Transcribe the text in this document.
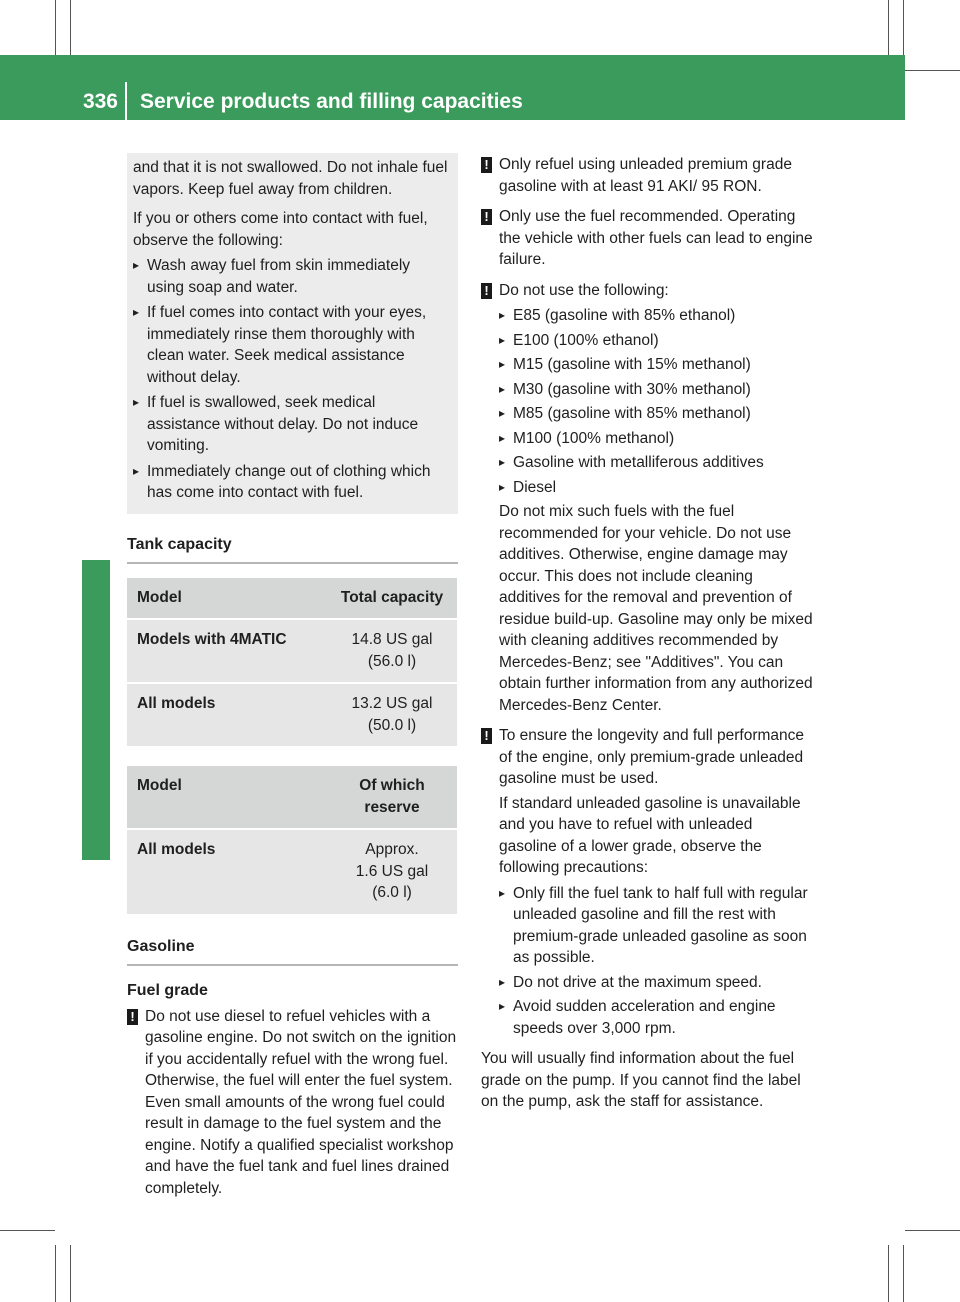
336 Service products and filling capacities
Technical data

and that it is not swallowed. Do not inhale fuel vapors. Keep fuel away from children.

If you or others come into contact with fuel, observe the following:

▸ Wash away fuel from skin immediately using soap and water.
▸ If fuel comes into contact with your eyes, immediately rinse them thoroughly with clean water. Seek medical assistance without delay.
▸ If fuel is swallowed, seek medical assistance without delay. Do not induce vomiting.
▸ Immediately change out of clothing which has come into contact with fuel.
Tank capacity
Model	Total capacity
Models with 4MATIC	14.8 US gal
(56.0 l)

All models	13.2 US gal
(50.0 l)
Model	Of which reserve
All models	Approx.
1.6 US gal
(6.0 l)
Gasoline
Fuel grade
! Do not use diesel to refuel vehicles with a gasoline engine. Do not switch on the ignition if you accidentally refuel with the wrong fuel. Otherwise, the fuel will enter the fuel system. Even small amounts of the wrong fuel could result in damage to the fuel system and the engine. Notify a qualified specialist workshop and have the fuel tank and fuel lines drained completely.
! Only refuel using unleaded premium grade gasoline with at least 91 AKI/ 95 RON.
! Only use the fuel recommended. Operating the vehicle with other fuels can lead to engine failure.
! Do not use the following:
▸ E85 (gasoline with 85% ethanol)
▸ E100 (100% ethanol)
▸ M15 (gasoline with 15% methanol)
▸ M30 (gasoline with 30% methanol)
▸ M85 (gasoline with 85% methanol)
▸ M100 (100% methanol)
▸ Gasoline with metalliferous additives
▸ Diesel

Do not mix such fuels with the fuel recommended for your vehicle. Do not use additives. Otherwise, engine damage may occur. This does not include cleaning additives for the removal and prevention of residue build-up. Gasoline may only be mixed with cleaning additives recommended by Mercedes-Benz; see "Additives". You can obtain further information from any authorized Mercedes-Benz Center.

! To ensure the longevity and full performance of the engine, only premium-grade unleaded gasoline must be used.

If standard unleaded gasoline is unavailable and you have to refuel with unleaded gasoline of a lower grade, observe the following precautions:

▸ Only fill the fuel tank to half full with regular unleaded gasoline and fill the rest with premium-grade unleaded gasoline as soon as possible.
▸ Do not drive at the maximum speed.
▸ Avoid sudden acceleration and engine speeds over 3,000 rpm.

You will usually find information about the fuel grade on the pump. If you cannot find the label on the pump, ask the staff for assistance.
